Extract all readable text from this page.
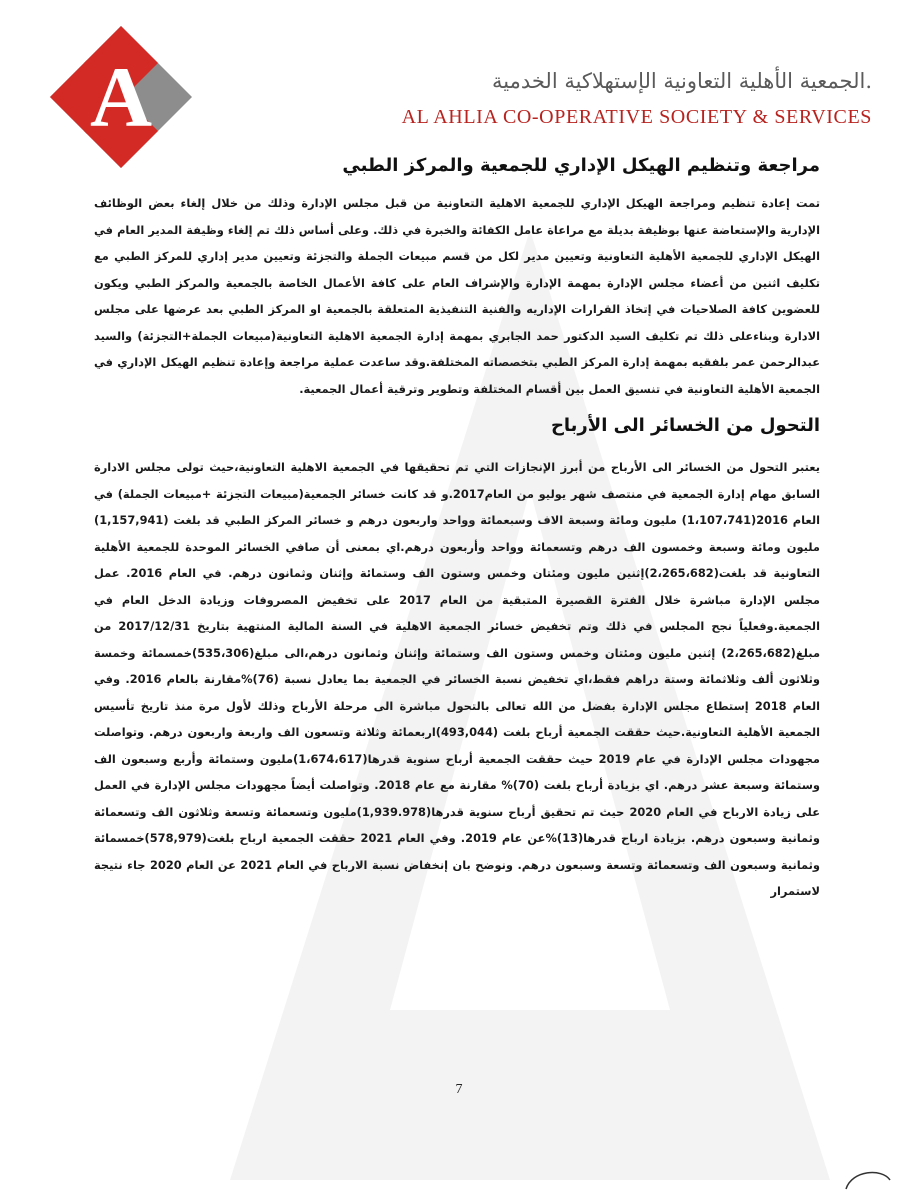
A	.الجمعية الأهلية التعاونية الإستهلاكية الخدمية
AL AHLIA CO-OPERATIVE SOCIETY & SERVICES
مراجعة وتنظيم الهيكل الإداري للجمعية والمركز الطبي

تمت إعادة تنظيم ومراجعة الهيكل الإداري للجمعية الاهلية التعاونية من قبل مجلس الإدارة وذلك من خلال إلغاء بعض الوظائف الإدارية والإستعاضة عنها بوظيفة بديلة مع مراعاة عامل الكفائة والخبرة في ذلك. وعلى أساس ذلك تم إلغاء وظيفة المدير العام في الهيكل الإداري للجمعية الأهلية التعاونية وتعيين مدير لكل من قسم مبيعات الجملة والتجزئة وتعيين مدير إداري للمركز الطبي مع تكليف اثنين من أعضاء مجلس الإدارة بمهمة الإدارة والإشراف العام على كافة الأعمال الخاصة بالجمعية والمركز الطبي ويكون للعضوين كافة الصلاحيات في إتخاذ القرارات الإداريه والفنية التنفيذية المتعلقة بالجمعية او المركز الطبي بعد عرضها على مجلس الادارة وبناءعلى ذلك تم تكليف السيد الدكتور حمد الجابري بمهمة إدارة الجمعية الاهلية التعاونية(مبيعات الجملة+التجزئة) والسيد عبدالرحمن عمر بلفقيه بمهمة إدارة المركز الطبي بتخصصاته المختلفة.وقد ساعدت عملية مراجعة وإعادة تنظيم الهيكل الإداري في الجمعية الأهلية التعاونية في تنسيق العمل بين أقسام المختلفة وتطوير وترقية أعمال الجمعية.

التحول من الخسائر الى الأرباح

يعتبر التحول من الخسائر الى الأرباح من أبرز الإنجازات التي تم تحقيقها في الجمعية الاهلية التعاونية،حيث تولى مجلس الادارة السابق مهام إدارة الجمعية في منتصف شهر يوليو من العام2017.و قد كانت خسائر الجمعية(مبيعات التجزئة +مبيعات الجملة) في العام 2016(1،107،741) مليون ومائة وسبعة الاف وسبعمائة وواحد واربعون درهم و خسائر المركز الطبي قد بلغت (1,157,941) مليون ومائة وسبعة وخمسون الف درهم وتسعمائة وواحد وأربعون درهم.اي بمعنى أن صافي الخسائر الموحدة للجمعية الأهلية التعاونية قد بلغت(2،265،682)إثنين مليون ومئتان وخمس وستون الف وستمائة وإثنان وثمانون درهم. في العام 2016. عمل مجلس الإدارة مباشرة خلال الفترة القصيرة المتبقية من العام 2017 على تخفيض المصروفات وزيادة الدخل العام في الجمعية.وفعلياً نجح المجلس في ذلك وتم تخفيض خسائر الجمعية الاهلية في السنة المالية المنتهية بتاريخ 2017/12/31 من مبلغ(2،265،682) إثنين مليون ومئتان وخمس وستون الف وستمائة وإثنان وثمانون درهم،الى مبلغ(535،306)خمسمائة وخمسة وثلاثون ألف وثلاثمائة وستة دراهم فقط،اي تخفيض نسبة الخسائر في الجمعية بما يعادل نسبة (76)%مقارنة بالعام 2016. وفي العام 2018 إستطاع مجلس الإدارة بفضل من الله تعالى بالتحول مباشرة الى مرحلة الأرباح وذلك لأول مرة منذ تاريخ تأسيس الجمعية الأهلية التعاونية.حيث حققت الجمعية أرباح بلغت (493,044)اربعمائة وثلاثة وتسعون الف واربعة واربعون درهم. وتواصلت مجهودات مجلس الإدارة في عام 2019 حيث حققت الجمعية أرباح سنوية قدرها(1،674،617)مليون وستمائة وأربع وسبعون الف وستمائة وسبعة عشر درهم. اي بزيادة أرباح بلغت (70)% مقارنة مع عام 2018. وتواصلت أيضاً مجهودات مجلس الإدارة في العمل على زيادة الارباح في العام 2020 حيث تم تحقيق أرباح سنوية قدرها(1,939.978)مليون وتسعمائة وتسعة وثلاثون الف وتسعمائة وثمانية وسبعون درهم. بزيادة ارباح قدرها(13)%عن عام 2019. وفي العام 2021 حققت الجمعية ارباح بلغت(578,979)خمسمائة وثمانية وسبعون الف وتسعمائة وتسعة وسبعون درهم. ونوضح بان إنخفاض نسبة الارباح في العام 2021 عن العام 2020 جاء نتيجة لاستمرار

7
